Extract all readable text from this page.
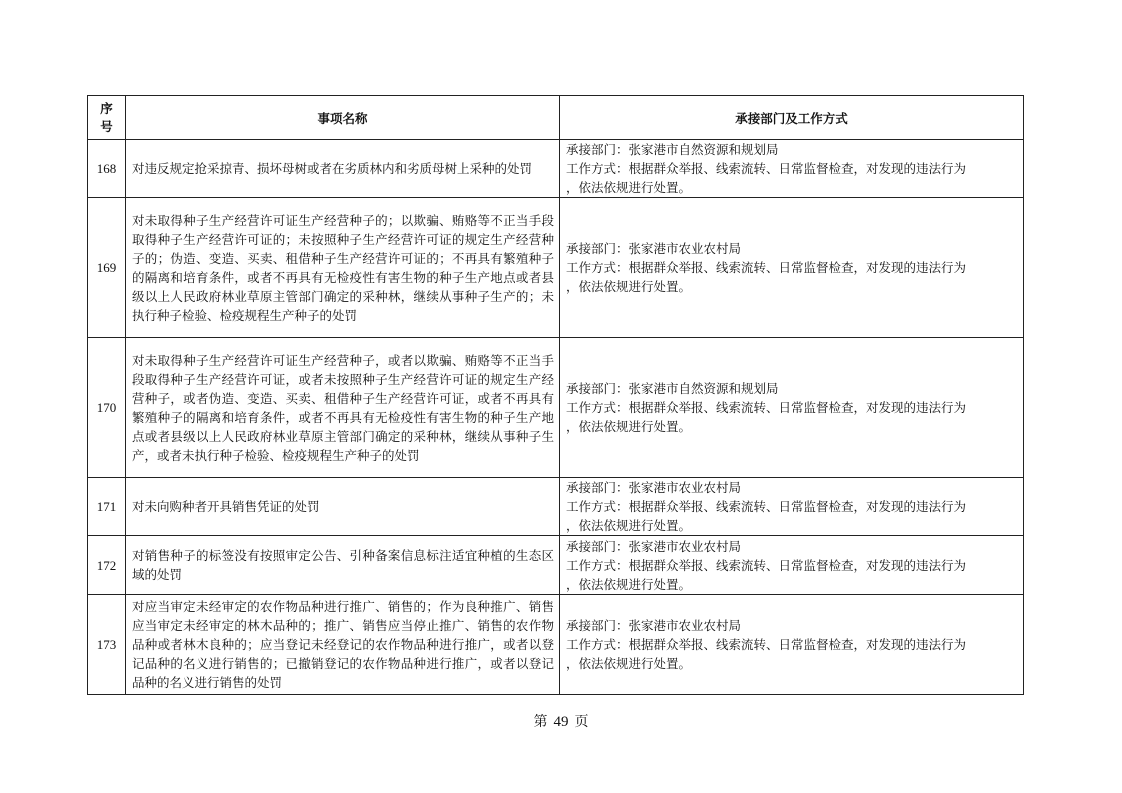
序号	事项名称	承接部门及工作方式
168	对违反规定抢采掠青、损坏母树或者在劣质林内和劣质母树上采种的处罚	承接部门：张家港市自然资源和规划局
工作方式：根据群众举报、线索流转、日常监督检查，对发现的违法行为
，依法依规进行处置。

169	对未取得种子生产经营许可证生产经营种子的；以欺骗、贿赂等不正当手段取得种子生产经营许可证的；未按照种子生产经营许可证的规定生产经营种子的；伪造、变造、买卖、租借种子生产经营许可证的；不再具有繁殖种子的隔离和培育条件，或者不再具有无检疫性有害生物的种子生产地点或者县级以上人民政府林业草原主管部门确定的采种林，继续从事种子生产的；未执行种子检验、检疫规程生产种子的处罚	承接部门：张家港市农业农村局
工作方式：根据群众举报、线索流转、日常监督检查，对发现的违法行为
，依法依规进行处置。

170	对未取得种子生产经营许可证生产经营种子，或者以欺骗、贿赂等不正当手段取得种子生产经营许可证，或者未按照种子生产经营许可证的规定生产经营种子，或者伪造、变造、买卖、租借种子生产经营许可证，或者不再具有繁殖种子的隔离和培育条件，或者不再具有无检疫性有害生物的种子生产地点或者县级以上人民政府林业草原主管部门确定的采种林，继续从事种子生产，或者未执行种子检验、检疫规程生产种子的处罚	承接部门：张家港市自然资源和规划局
工作方式：根据群众举报、线索流转、日常监督检查，对发现的违法行为
，依法依规进行处置。

171	对未向购种者开具销售凭证的处罚	承接部门：张家港市农业农村局
工作方式：根据群众举报、线索流转、日常监督检查，对发现的违法行为
，依法依规进行处置。

172	对销售种子的标签没有按照审定公告、引种备案信息标注适宜种植的生态区域的处罚	承接部门：张家港市农业农村局
工作方式：根据群众举报、线索流转、日常监督检查，对发现的违法行为
，依法依规进行处置。

173	对应当审定未经审定的农作物品种进行推广、销售的；作为良种推广、销售应当审定未经审定的林木品种的；推广、销售应当停止推广、销售的农作物品种或者林木良种的；应当登记未经登记的农作物品种进行推广，或者以登记品种的名义进行销售的；已撤销登记的农作物品种进行推广，或者以登记品种的名义进行销售的处罚	承接部门：张家港市农业农村局
工作方式：根据群众举报、线索流转、日常监督检查，对发现的违法行为
，依法依规进行处置。
第 49 页
